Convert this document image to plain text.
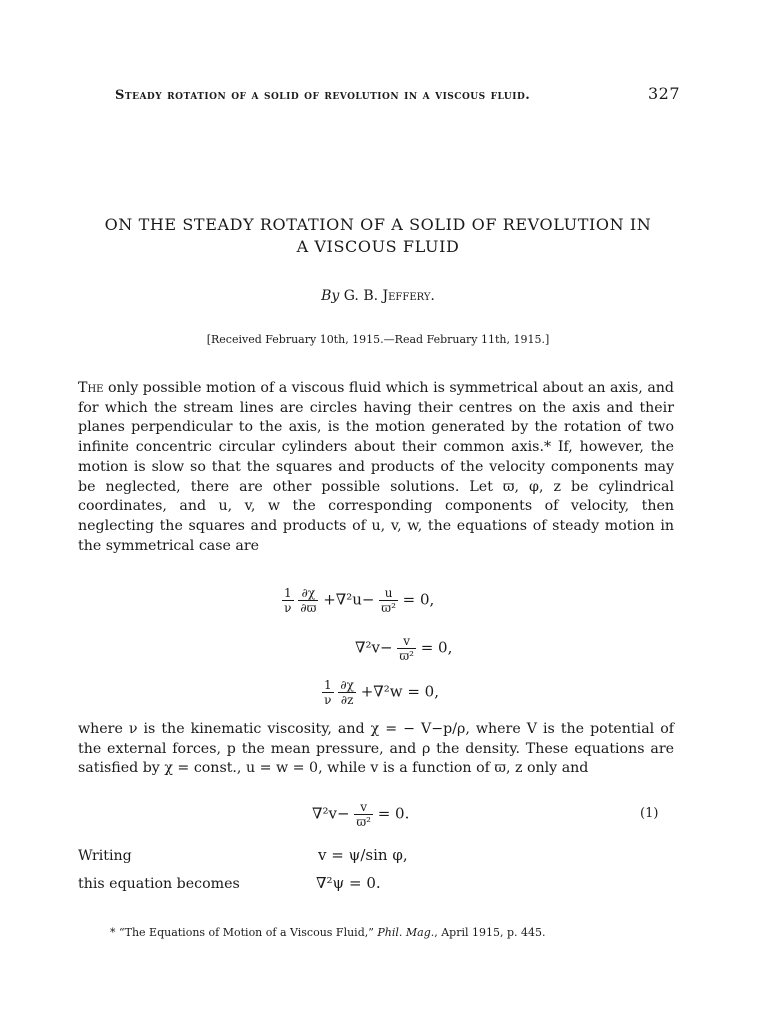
Steady rotation of a solid of revolution in a viscous fluid.	327
ON THE STEADY ROTATION OF A SOLID OF REVOLUTION IN
A VISCOUS FLUID
By G. B. Jeffery.
[Received February 10th, 1915.—Read February 11th, 1915.]
The only possible motion of a viscous fluid which is symmetrical about an axis, and for which the stream lines are circles having their centres on the axis and their planes perpendicular to the axis, is the motion generated by the rotation of two infinite concentric circular cylinders about their common axis.* If, however, the motion is slow so that the squares and products of the velocity components may be neglected, there are other possible solutions. Let ϖ, φ, z be cylindrical coordinates, and u, v, w the corresponding components of velocity, then neglecting the squares and products of u, v, w, the equations of steady motion in the symmetrical case are
$\frac{1}{\nu}$
$\frac{\partial\chi}{\partial ϖ} +\nabla^2u- \frac{u}{\text{ϖ²}} = 0$,
$\nabla^2v- \frac{v}{\text{ϖ²}} = 0$,
$\frac{1}{\nu}$
$\frac{\partial\chi}{\partial z} +\nabla^2w = 0$,
where ν is the kinematic viscosity, and χ = − V−p/ρ, where V is the potential of the external forces, p the mean pressure, and ρ the density. These equations are satisfied by χ = const., u = w = 0, while v is a function of ϖ, z only and
$\nabla^2v- \frac{v}{\text{ϖ²}} = 0$.	(1)
Writing	v = ψ/sin φ,
this equation becomes	∇²ψ = 0.
* “The Equations of Motion of a Viscous Fluid,” Phil. Mag., April 1915, p. 445.
